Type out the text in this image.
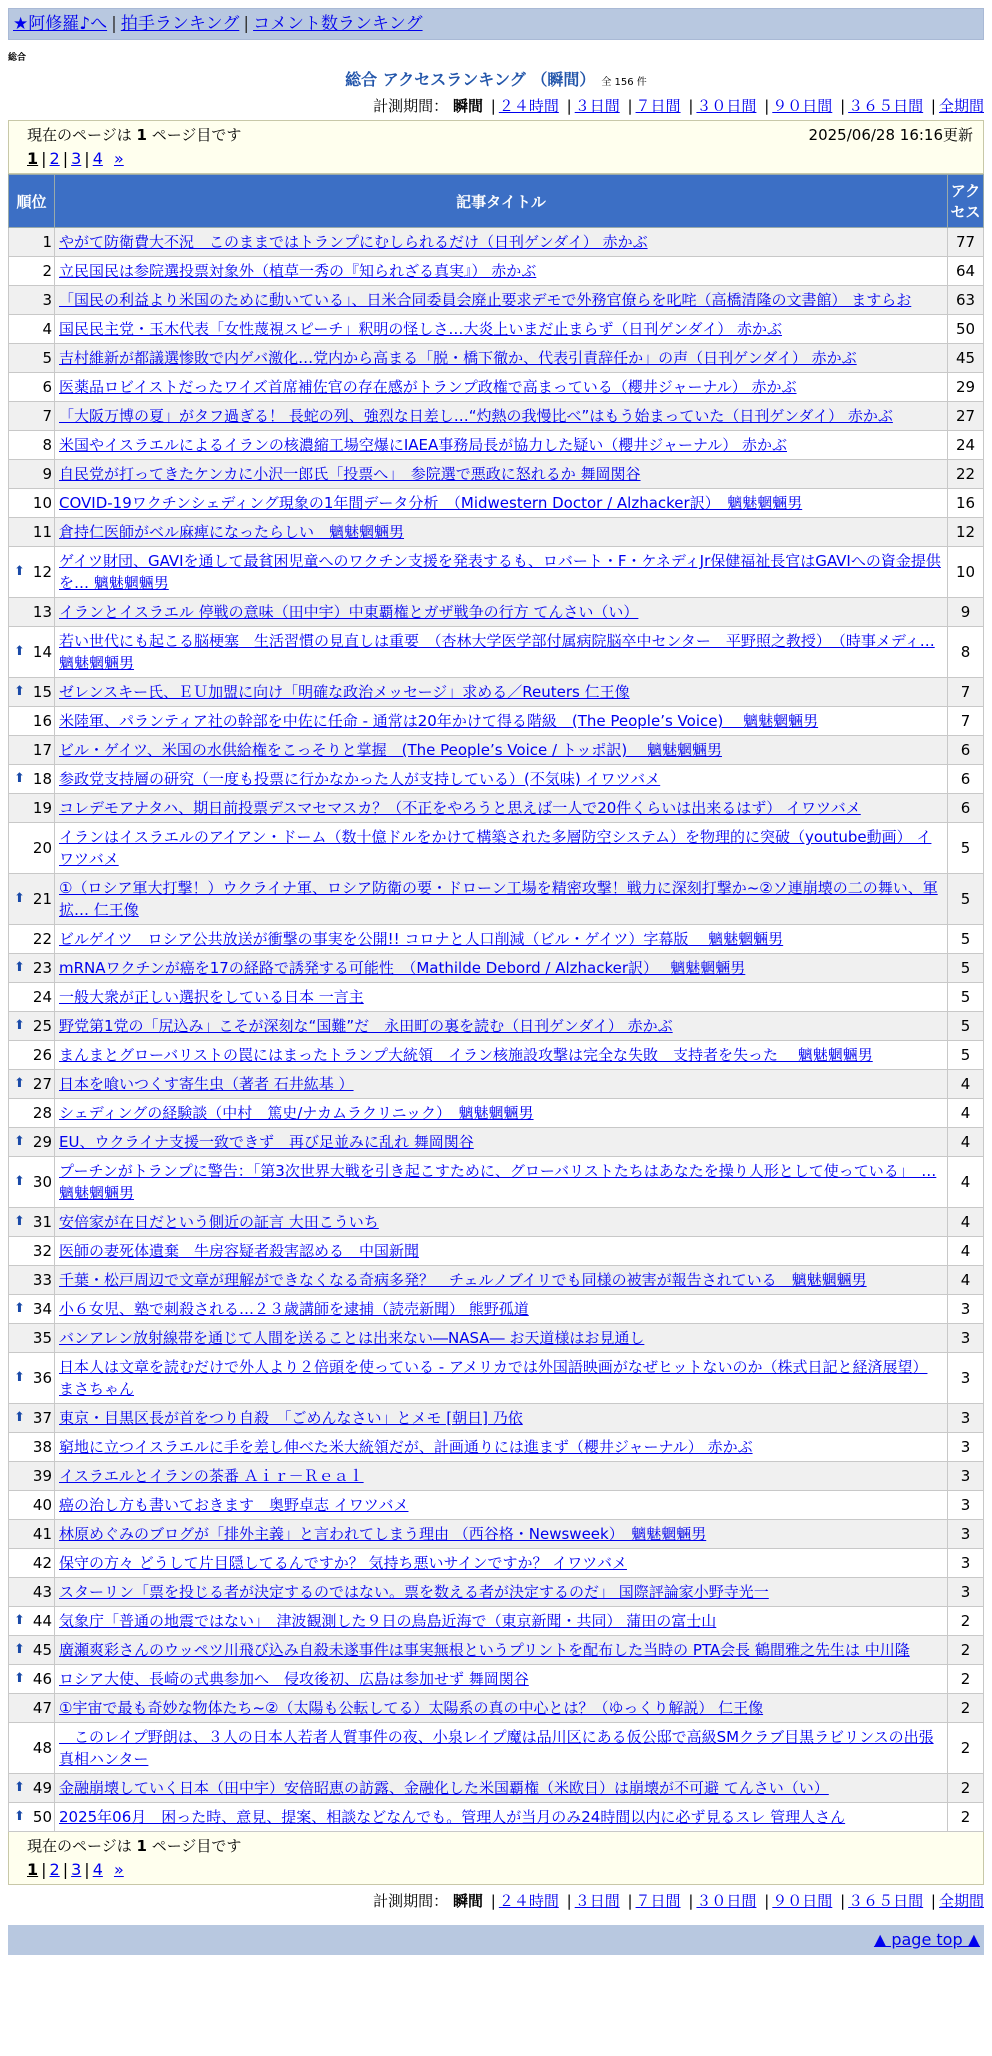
★阿修羅♪へ | 拍手ランキング | コメント数ランキング
総合
総合 アクセスランキング （瞬間） 全 156 件
計測期間： 瞬間 | ２４時間 | ３日間 | ７日間 | ３０日間 | ９０日間 | ３６５日間 | 全期間
現在のページは 1 ページ目です	2025/06/28 16:16更新
1 | 2 | 3 | 4 »
順位	記事タイトル	アクセス
1	やがて防衛費大不況　このままではトランプにむしられるだけ（日刊ゲンダイ） 赤かぶ	77
2	立民国民は参院選投票対象外（植草一秀の『知られざる真実』） 赤かぶ	64
3	「国民の利益より米国のために動いている」、日米合同委員会廃止要求デモで外務官僚らを叱咤（高橋清隆の文書館） ますらお	63
4	国民民主党・玉木代表「女性蔑視スピーチ」釈明の怪しさ…大炎上いまだ止まらず（日刊ゲンダイ） 赤かぶ	50
5	吉村維新が都議選惨敗で内ゲバ激化…党内から高まる「脱・橋下徹か、代表引責辞任か」の声（日刊ゲンダイ） 赤かぶ	45
6	医薬品ロビイストだったワイズ首席補佐官の存在感がトランプ政権で高まっている（櫻井ジャーナル） 赤かぶ	29
7	「大阪万博の夏」がタフ過ぎる！ 長蛇の列、強烈な日差し…“灼熱の我慢比べ”はもう始まっていた（日刊ゲンダイ） 赤かぶ	27
8	米国やイスラエルによるイランの核濃縮工場空爆にIAEA事務局長が協力した疑い（櫻井ジャーナル） 赤かぶ	24
9	自民党が打ってきたケンカに小沢一郎氏「投票へ」　参院選で悪政に怒れるか 舞岡関谷	22
10	COVID-19ワクチンシェディング現象の1年間データ分析　（Midwestern Doctor / Alzhacker訳）　魑魅魍魎男	16
11	倉持仁医師がベル麻痺になったらしい　魑魅魍魎男	12

⬆ 12	ゲイツ財団、GAVIを通して最貧困児童へのワクチン支援を発表するも、ロバート・F・ケネディJr保健福祉長官はGAVIへの資金提供を… 魑魅魍魎男	10
13	イランとイスラエル 停戦の意味（田中宇）中東覇権とガザ戦争の行方 てんさい（い）	9

⬆ 14	若い世代にも起こる脳梗塞　生活習慣の見直しは重要　（杏林大学医学部付属病院脳卒中センター　平野照之教授）　（時事メディ… 魑魅魍魎男	8

⬆ 15	ゼレンスキー氏、ＥＵ加盟に向け「明確な政治メッセージ」求める／Reuters 仁王像	7
16	米陸軍、パランティア社の幹部を中佐に任命 - 通常は20年かけて得る階級　(The People’s Voice)　 魑魅魍魎男	7
17	ビル・ゲイツ、米国の水供給権をこっそりと掌握　(The People’s Voice / トッポ訳)　 魑魅魍魎男	6

⬆ 18	参政党支持層の研究（一度も投票に行かなかった人が支持している）(不気味) イワツバメ	6
19	コレデモアナタハ、期日前投票デスマセマスカ？（不正をやろうと思えば一人で20件くらいは出来るはず） イワツバメ	6
20	イランはイスラエルのアイアン・ドーム（数十億ドルをかけて構築された多層防空システム）を物理的に突破（youtube動画） イワツバメ	5

⬆ 21	①（ロシア軍大打撃！）ウクライナ軍、ロシア防衛の要・ドローン工場を精密攻撃！戦力に深刻打撃か~②ソ連崩壊の二の舞い、軍拡… 仁王像	5
22	ビルゲイツ　ロシア公共放送が衝撃の事実を公開!! コロナと人口削減（ビル・ゲイツ）字幕版　 魑魅魍魎男	5

⬆ 23	mRNAワクチンが癌を17の経路で誘発する可能性　（Mathilde Debord / Alzhacker訳）　 魑魅魍魎男	5
24	一般大衆が正しい選択をしている日本 一言主	5

⬆ 25	野党第1党の「尻込み」こそが深刻な“国難”だ　永田町の裏を読む（日刊ゲンダイ） 赤かぶ	5
26	まんまとグローバリストの罠にはまったトランプ大統領　イラン核施設攻撃は完全な失敗　支持者を失った　 魑魅魍魎男	5

⬆ 27	日本を喰いつくす寄生虫（著者 石井紘基 ）	4
28	シェディングの経験談（中村　篤史/ナカムラクリニック）　魑魅魍魎男	4

⬆ 29	EU、ウクライナ支援一致できず　再び足並みに乱れ 舞岡関谷	4

⬆ 30	プーチンがトランプに警告：「第3次世界大戦を引き起こすために、グローバリストたちはあなたを操り人形として使っている」　… 魑魅魍魎男	4

⬆ 31	安倍家が在日だという側近の証言 大田こういち	4
32	医師の妻死体遺棄　牛房容疑者殺害認める　中国新聞	4
33	千葉・松戸周辺で文章が理解ができなくなる奇病多発？　チェルノブイリでも同様の被害が報告されている　魑魅魍魎男	4

⬆ 34	小６女児、塾で刺殺される…２３歳講師を逮捕（読売新聞） 熊野孤道	3
35	バンアレン放射線帯を通じて人間を送ることは出来ない―NASA― お天道様はお見通し	3

⬆ 36	日本人は文章を読むだけで外人より２倍頭を使っている - アメリカでは外国語映画がなぜヒットないのか（株式日記と経済展望） まさちゃん	3

⬆ 37	東京・目黒区長が首をつり自殺　「ごめんなさい」とメモ [朝日] 乃依	3
38	窮地に立つイスラエルに手を差し伸べた米大統領だが、計画通りには進まず（櫻井ジャーナル） 赤かぶ	3
39	イスラエルとイランの茶番 Ａｉｒ－Ｒｅａｌ	3
40	癌の治し方も書いておきます　奥野卓志 イワツバメ	3
41	林原めぐみのブログが「排外主義」と言われてしまう理由 （西谷格・Newsweek）　魑魅魍魎男	3
42	保守の方々 どうして片目隠してるんですか？ 気持ち悪いサインですか？ イワツバメ	3
43	スターリン「票を投じる者が決定するのではない。票を数える者が決定するのだ」 国際評論家小野寺光一	3

⬆ 44	気象庁「普通の地震ではない」　津波観測した９日の鳥島近海で（東京新聞・共同） 蒲田の富士山	2

⬆ 45	廣瀬爽彩さんのウッペツ川飛び込み自殺未遂事件は事実無根というプリントを配布した当時の PTA会長 鶴間雅之先生は 中川隆	2

⬆ 46	ロシア大使、長崎の式典参加へ　侵攻後初、広島は参加せず 舞岡関谷	2
47	①宇宙で最も奇妙な物体たち~②（太陽も公転してる）太陽系の真の中心とは？（ゆっくり解説） 仁王像	2
48	　このレイプ野朗は、３人の日本人若者人質事件の夜、小泉レイプ魔は品川区にある仮公邸で高級SMクラブ目黒ラビリンスの出張 真相ハンター	2

⬆ 49	金融崩壊していく日本（田中宇）安倍昭恵の訪露、金融化した米国覇権（米欧日）は崩壊が不可避 てんさい（い）	2

⬆ 50	2025年06月　困った時、意見、提案、相談などなんでも。管理人が当月のみ24時間以内に必ず見るスレ 管理人さん	2
現在のページは 1 ページ目です
1 | 2 | 3 | 4 »
計測期間： 瞬間 | ２４時間 | ３日間 | ７日間 | ３０日間 | ９０日間 | ３６５日間 | 全期間
▲ page top ▲
